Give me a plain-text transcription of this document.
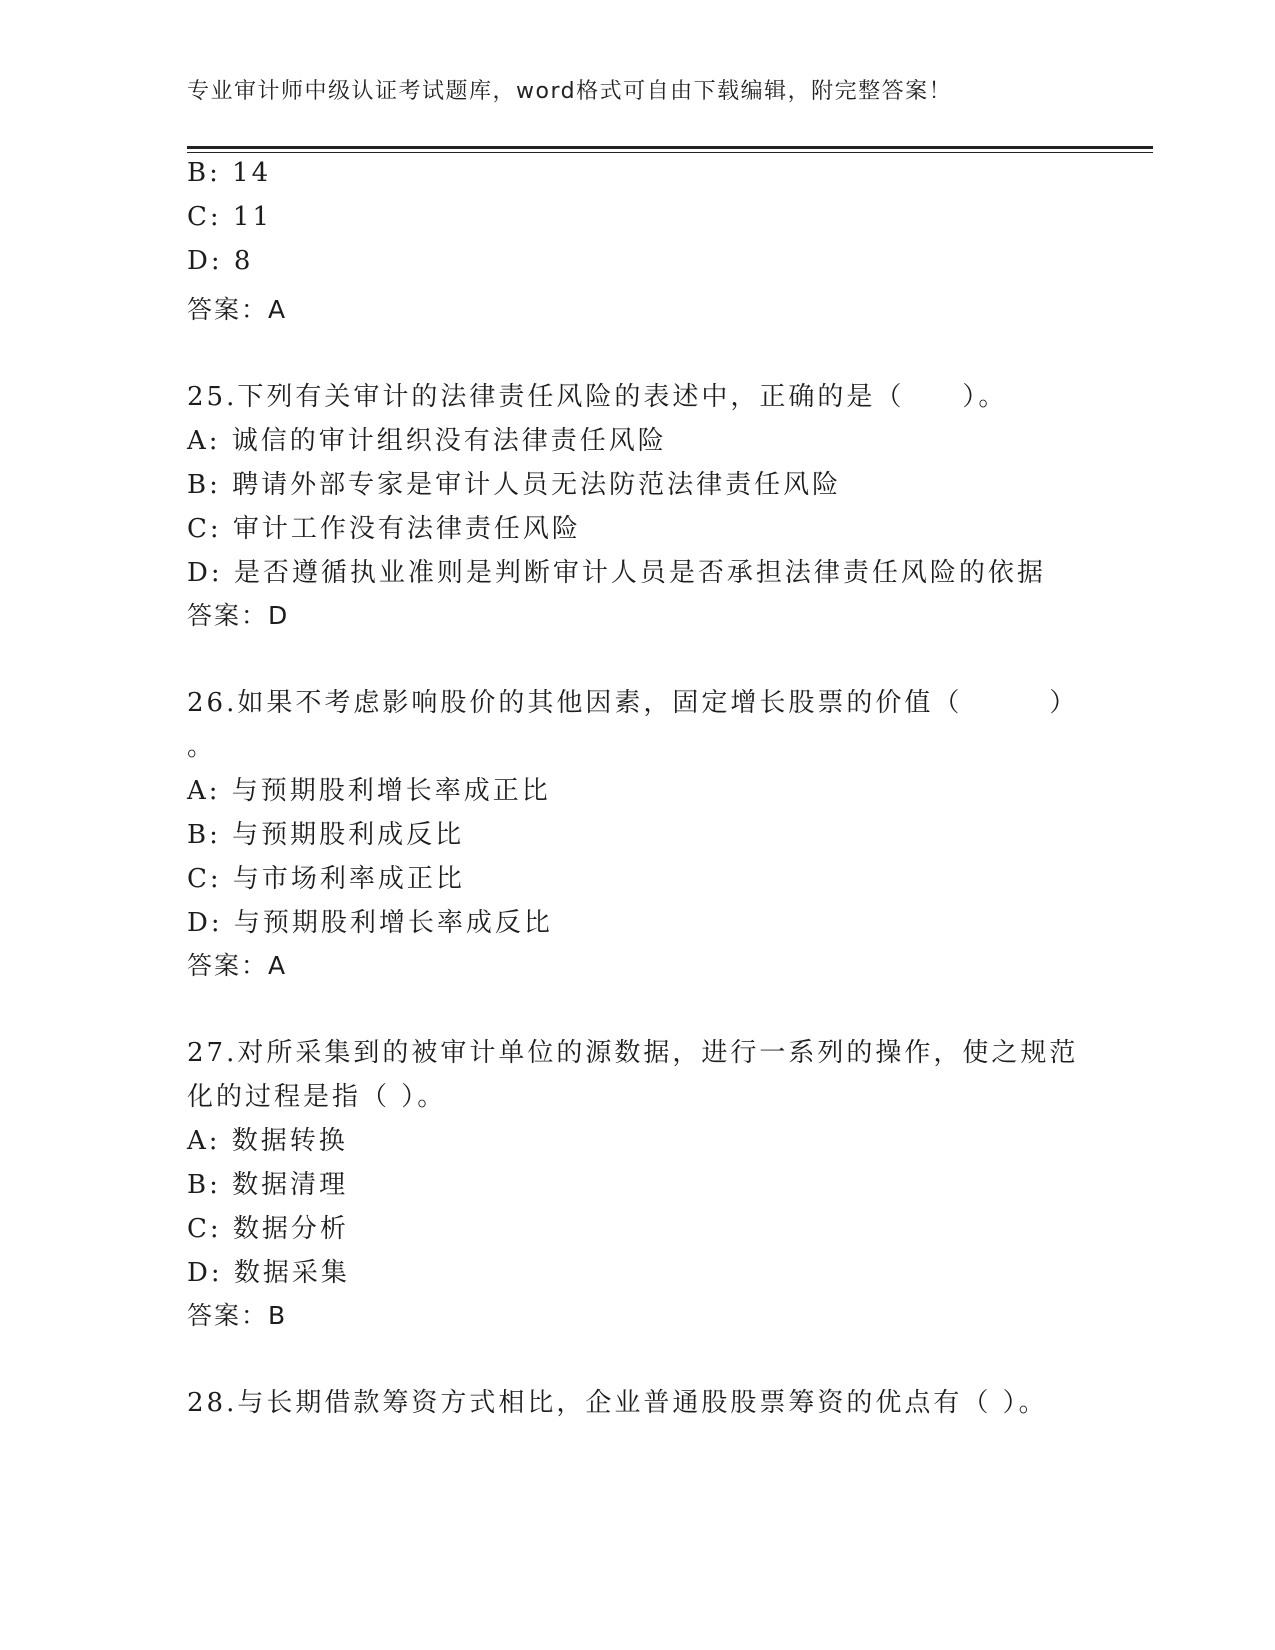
专业审计师中级认证考试题库，word格式可自由下载编辑，附完整答案！
B: 14
C: 11
D: 8
答案：A
25.下列有关审计的法律责任风险的表述中，正确的是（　　）。
A: 诚信的审计组织没有法律责任风险
B: 聘请外部专家是审计人员无法防范法律责任风险
C: 审计工作没有法律责任风险
D: 是否遵循执业准则是判断审计人员是否承担法律责任风险的依据
答案：D
26.如果不考虑影响股价的其他因素，固定增长股票的价值（　　　）
。
A: 与预期股利增长率成正比
B: 与预期股利成反比
C: 与市场利率成正比
D: 与预期股利增长率成反比
答案：A
27.对所采集到的被审计单位的源数据，进行一系列的操作，使之规范
化的过程是指（ ）。
A: 数据转换
B: 数据清理
C: 数据分析
D: 数据采集
答案：B
28.与长期借款筹资方式相比，企业普通股股票筹资的优点有（ ）。
